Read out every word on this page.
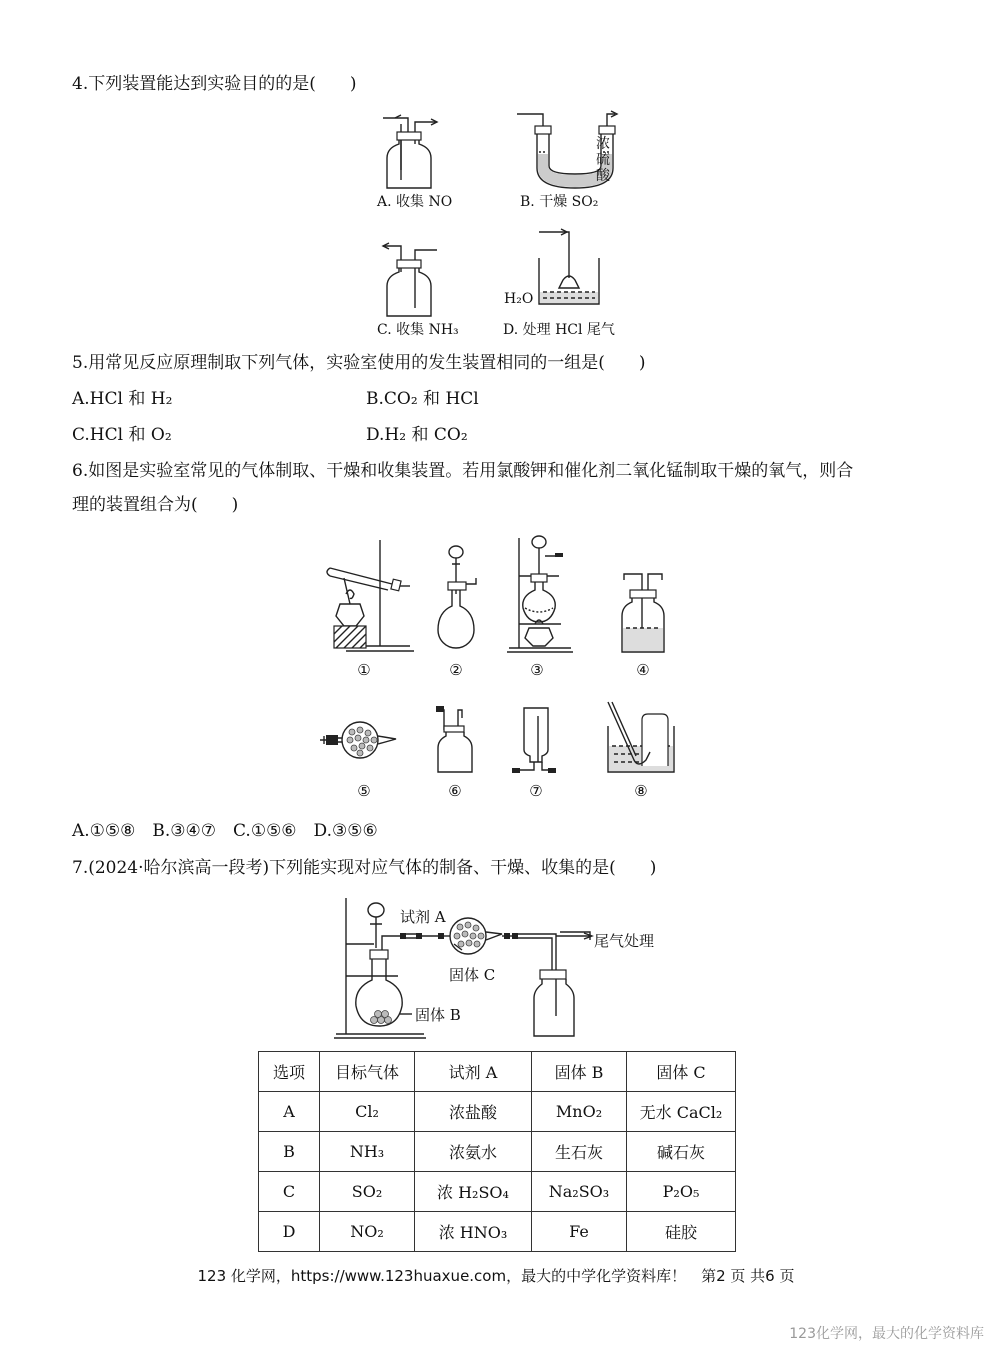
4.下列装置能达到实验目的的是(　　)
A. 收集 NO
浓
硫
酸
B. 干燥 SO₂
C. 收集 NH₃
H₂O
D. 处理 HCl 尾气
5.用常见反应原理制取下列气体，实验室使用的发生装置相同的一组是(　　)
A.HCl 和 H₂	B.CO₂ 和 HCl
C.HCl 和 O₂	D.H₂ 和 CO₂
6.如图是实验室常见的气体制取、干燥和收集装置。若用氯酸钾和催化剂二氧化锰制取干燥的氧气，则合
理的装置组合为(　　)
①	②	③	④
⑤	⑥	⑦	⑧
A.①⑤⑧　B.③④⑦　C.①⑤⑥　D.③⑤⑥
7.(2024·哈尔滨高一段考)下列能实现对应气体的制备、干燥、收集的是(　　)
试剂 A
固体 C
固体 B
尾气处理
选项	目标气体	试剂 A	固体 B	固体 C
A	Cl₂	浓盐酸	MnO₂	无水 CaCl₂
B	NH₃	浓氨水	生石灰	碱石灰
C	SO₂	浓 H₂SO₄	Na₂SO₃	P₂O₅
D	NO₂	浓 HNO₃	Fe	硅胶
123 化学网，https://www.123huaxue.com，最大的中学化学资料库！　第2 页 共6 页
123化学网，最大的化学资料库
